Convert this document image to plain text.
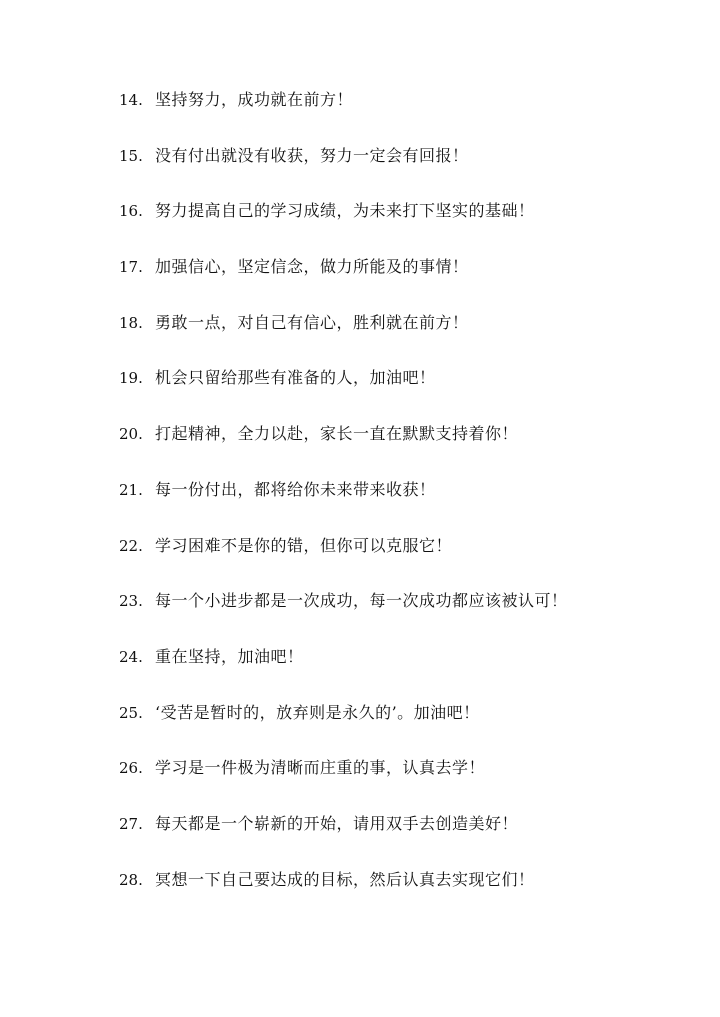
14. 坚持努力，成功就在前方！
15. 没有付出就没有收获，努力一定会有回报！
16. 努力提高自己的学习成绩，为未来打下坚实的基础！
17. 加强信心，坚定信念，做力所能及的事情！
18. 勇敢一点，对自己有信心，胜利就在前方！
19. 机会只留给那些有准备的人，加油吧！
20. 打起精神，全力以赴，家长一直在默默支持着你！
21. 每一份付出，都将给你未来带来收获！
22. 学习困难不是你的错，但你可以克服它！
23. 每一个小进步都是一次成功，每一次成功都应该被认可！
24. 重在坚持，加油吧！
25. ‘受苦是暂时的，放弃则是永久的’。加油吧！
26. 学习是一件极为清晰而庄重的事，认真去学！
27. 每天都是一个崭新的开始，请用双手去创造美好！
28. 冥想一下自己要达成的目标，然后认真去实现它们！
